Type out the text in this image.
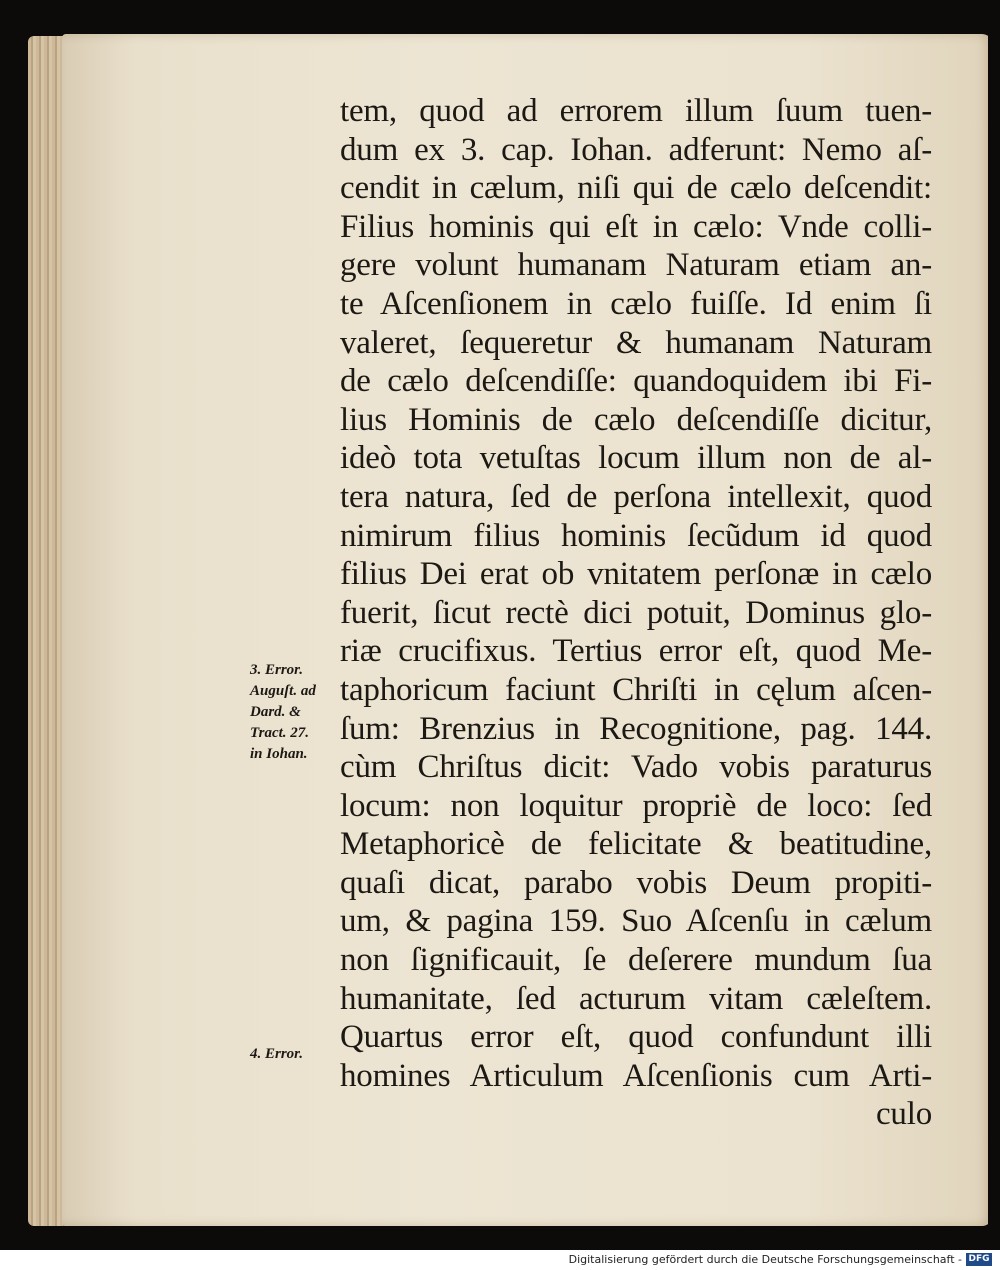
tem, quod ad errorem illum ſuum tuen-
dum ex 3. cap. Iohan. adferunt: Nemo aſ-
cendit in cælum, niſi qui de cælo deſcendit:
Filius hominis qui eſt in cælo: Vnde colli-
gere volunt humanam Naturam etiam an-
te Aſcenſionem in cælo fuiſſe. Id enim ſi
valeret, ſequeretur & humanam Naturam
de cælo deſcendiſſe: quandoquidem ibi Fi-
lius Hominis de cælo deſcendiſſe dicitur,
ideò tota vetuſtas locum illum non de al-
tera natura, ſed de perſona intellexit, quod
nimirum filius hominis ſecũdum id quod
filius Dei erat ob vnitatem perſonæ in cælo
fuerit, ſicut rectè dici potuit, Dominus glo-
riæ crucifixus. Tertius error eſt, quod Me-
taphoricum faciunt Chriſti in cęlum aſcen-
ſum: Brenzius in Recognitione, pag. 144.
cùm Chriſtus dicit: Vado vobis paraturus
locum: non loquitur propriè de loco: ſed
Metaphoricè de felicitate & beatitudine,
quaſi dicat, parabo vobis Deum propiti-
um, & pagina 159. Suo Aſcenſu in cælum
non ſignificauit, ſe deſerere mundum ſua
humanitate, ſed acturum vitam cæleſtem.
Quartus error eſt, quod confundunt illi
homines Articulum Aſcenſionis cum Arti-
culo
3. Error.
Auguſt. ad
Dard. &
Tract. 27.
in Iohan.
4. Error.
Digitalisierung gefördert durch die Deutsche Forschungsgemeinschaft - DFG
